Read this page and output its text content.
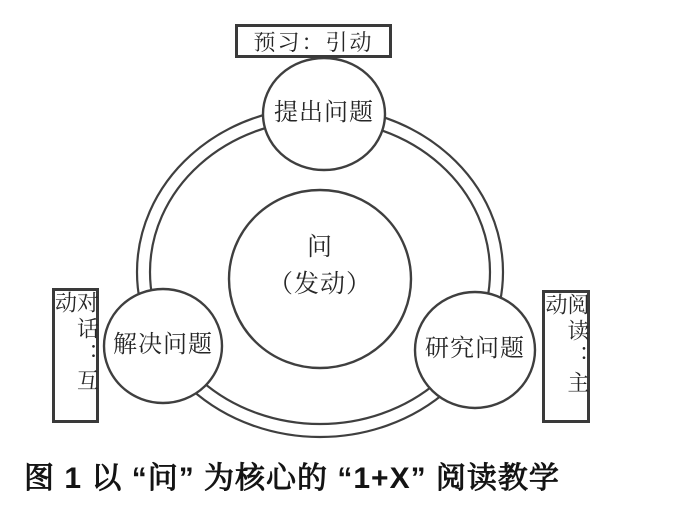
预习：引动
对话：互动	阅读：主动
提出问题
解决问题	研究问题
问
（发动）
图 1 以 “问” 为核心的 “1+X” 阅读教学
